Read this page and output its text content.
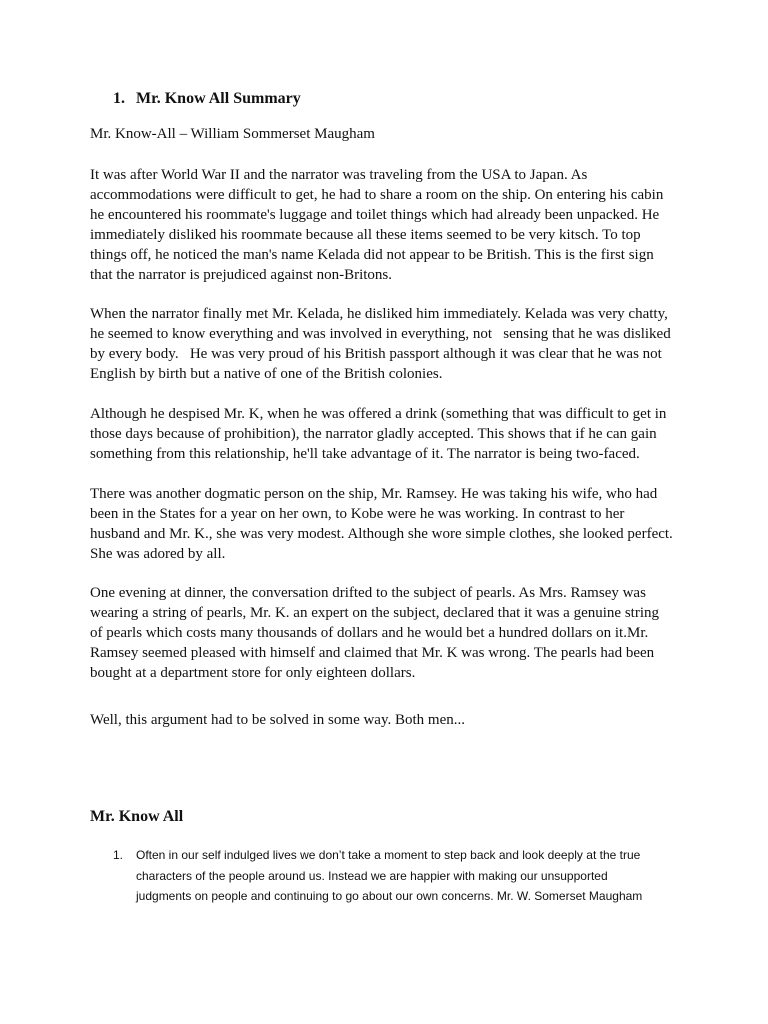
1. Mr. Know All Summary
Mr. Know-All – William Sommerset Maugham
It was after World War II and the narrator was traveling from the USA to Japan. As
accommodations were difficult to get, he had to share a room on the ship. On entering his cabin
he encountered his roommate's luggage and toilet things which had already been unpacked. He
immediately disliked his roommate because all these items seemed to be very kitsch. To top
things off, he noticed the man's name Kelada did not appear to be British. This is the first sign
that the narrator is prejudiced against non-Britons.
When the narrator finally met Mr. Kelada, he disliked him immediately. Kelada was very chatty,
he seemed to know everything and was involved in everything, not   sensing that he was disliked
by every body.   He was very proud of his British passport although it was clear that he was not
English by birth but a native of one of the British colonies.
Although he despised Mr. K, when he was offered a drink (something that was difficult to get in
those days because of prohibition), the narrator gladly accepted. This shows that if he can gain
something from this relationship, he'll take advantage of it. The narrator is being two-faced.
There was another dogmatic person on the ship, Mr. Ramsey. He was taking his wife, who had
been in the States for a year on her own, to Kobe were he was working. In contrast to her
husband and Mr. K., she was very modest. Although she wore simple clothes, she looked perfect.
She was adored by all.
One evening at dinner, the conversation drifted to the subject of pearls. As Mrs. Ramsey was
wearing a string of pearls, Mr. K. an expert on the subject, declared that it was a genuine string
of pearls which costs many thousands of dollars and he would bet a hundred dollars on it.Mr.
Ramsey seemed pleased with himself and claimed that Mr. K was wrong. The pearls had been
bought at a department store for only eighteen dollars.
Well, this argument had to be solved in some way. Both men...
Mr. Know All
1. Often in our self indulged lives we don’t take a moment to step back and look deeply at the true
characters of the people around us. Instead we are happier with making our unsupported
judgments on people and continuing to go about our own concerns. Mr. W. Somerset Maugham
